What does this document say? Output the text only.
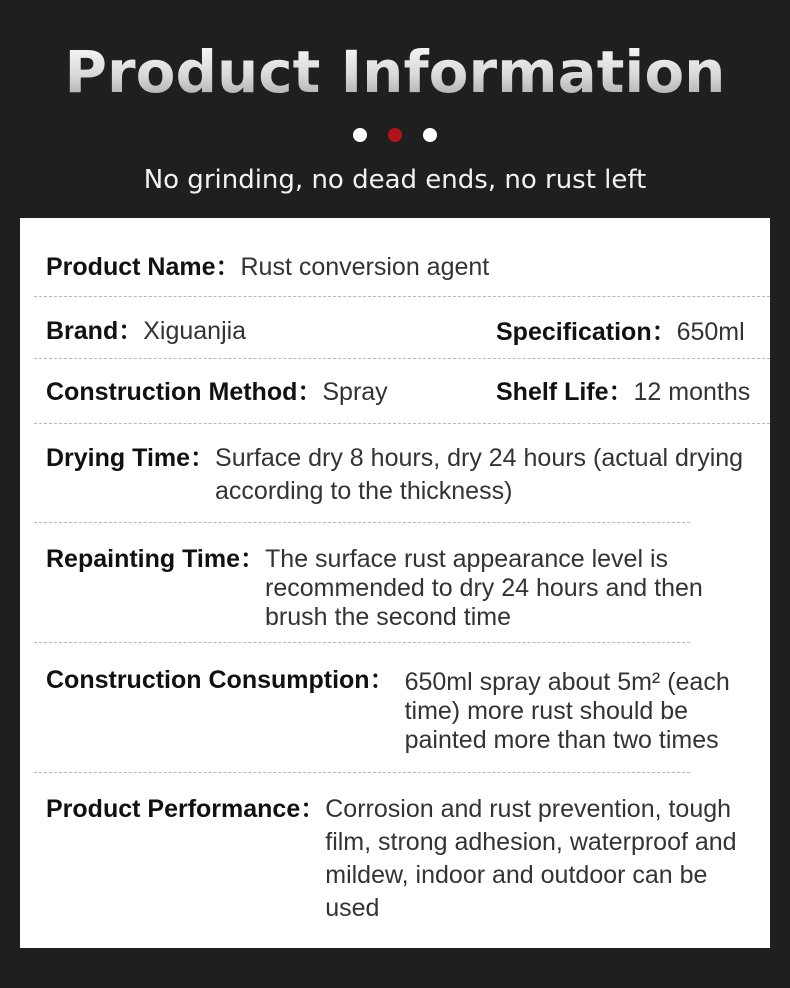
Product Information
No grinding, no dead ends, no rust left
Product Name：Rust conversion agent
Brand：Xiguanjia	Specification：650ml
Construction Method：Spray	Shelf Life：12 months
Drying Time： Surface dry 8 hours, dry 24 hours (actual drying
according to the thickness)
Repainting Time： The surface rust appearance level is
recommended to dry 24 hours and then
brush the second time
Construction Consumption： 650ml spray about 5m² (each
time) more rust should be
painted more than two times
Product Performance： Corrosion and rust prevention, tough
film, strong adhesion, waterproof and
mildew, indoor and outdoor can be
used
